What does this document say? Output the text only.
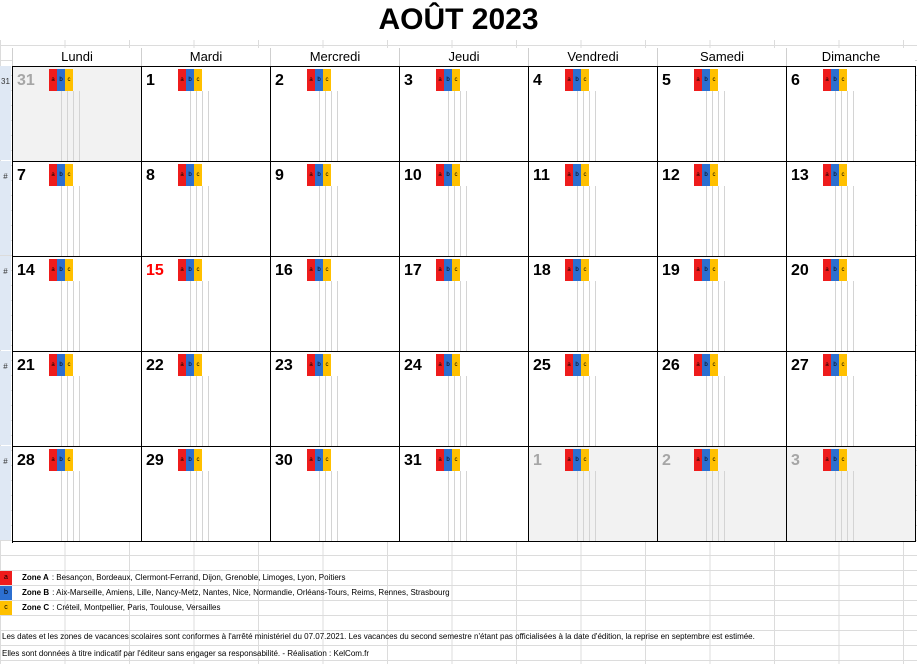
AOÛT 2023
Lundi	Mardi	Mercredi	Jeudi	Vendredi	Samedi	Dimanche
31
#
#
#
#
31	a b c	1	a b c	2	a b c	3	a b c	4	a b c	5	a b c	6	a b c
7	a b c	8	a b c	9	a b c	10	a b c	11	a b c	12	a b c	13	a b c
14	a b c	15	a b c	16	a b c	17	a b c	18	a b c	19	a b c	20	a b c
21	a b c	22	a b c	23	a b c	24	a b c	25	a b c	26	a b c	27	a b c
28	a b c	29	a b c	30	a b c	31	a b c	1	a b c	2	a b c	3	a b c
a	Zone A : Besançon, Bordeaux, Clermont-Ferrand, Dijon, Grenoble, Limoges, Lyon, Poitiers
b	Zone B : Aix-Marseille, Amiens, Lille, Nancy-Metz, Nantes, Nice, Normandie, Orléans-Tours, Reims, Rennes, Strasbourg
c	Zone C : Créteil, Montpellier, Paris, Toulouse, Versailles
Les dates et les zones de vacances scolaires sont conformes à l'arrêté ministériel du 07.07.2021. Les vacances du second semestre n'étant pas officialisées à la date d'édition, la reprise en septembre est estimée.
Elles sont données à titre indicatif par l'éditeur sans engager sa responsabilité. - Réalisation : KelCom.fr
